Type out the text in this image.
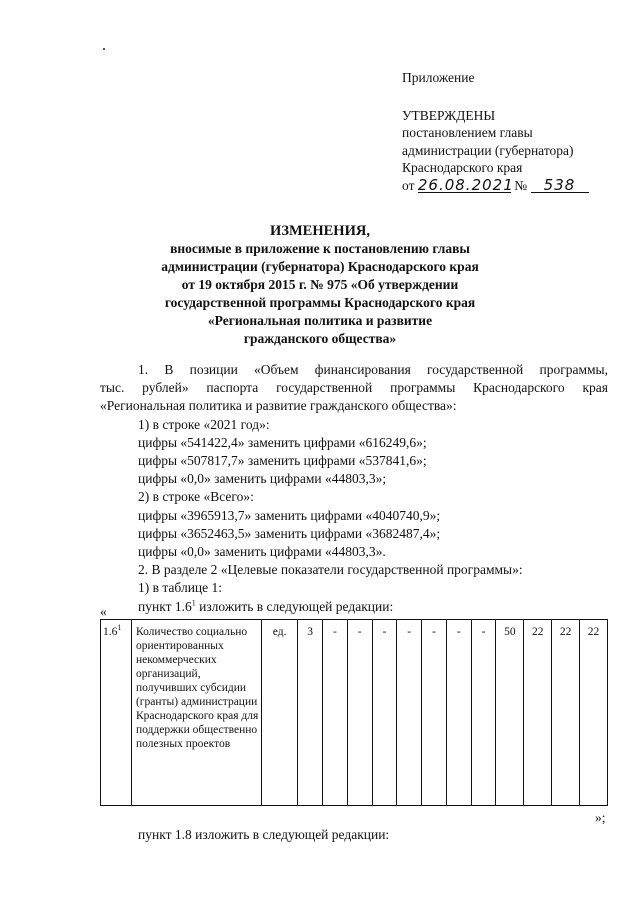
Приложение
УТВЕРЖДЕНЫ
постановлением главы
администрации (губернатора)
Краснодарского края
от 26.08.2021 № 538
ИЗМЕНЕНИЯ,
вносимые в приложение к постановлению главы
администрации (губернатора) Краснодарского края
от 19 октября 2015 г. № 975 «Об утверждении
государственной программы Краснодарского края
«Региональная политика и развитие
гражданского общества»
1. В позиции «Объем финансирования государственной программы,
тыс. рублей» паспорта государственной программы Краснодарского края
«Региональная политика и развитие гражданского общества»:
1) в строке «2021 год»:
цифры «541422,4» заменить цифрами «616249,6»;
цифры «507817,7» заменить цифрами «537841,6»;
цифры «0,0» заменить цифрами «44803,3»;
2) в строке «Всего»:
цифры «3965913,7» заменить цифрами «4040740,9»;
цифры «3652463,5» заменить цифрами «3682487,4»;
цифры «0,0» заменить цифрами «44803,3».
2. В разделе 2 «Целевые показатели государственной программы»:
1) в таблице 1:
пункт $1.6^1$ изложить в следующей редакции:
«
$1.6^1$	Количество социально ориентированных некоммерческих организаций, получивших субсидии (гранты) администрации Краснодарского края для поддержки общественно полезных проектов	ед.	3	-	-	-	-	-	-	-	50	22	22	22
»;
пункт 1.8 изложить в следующей редакции:
